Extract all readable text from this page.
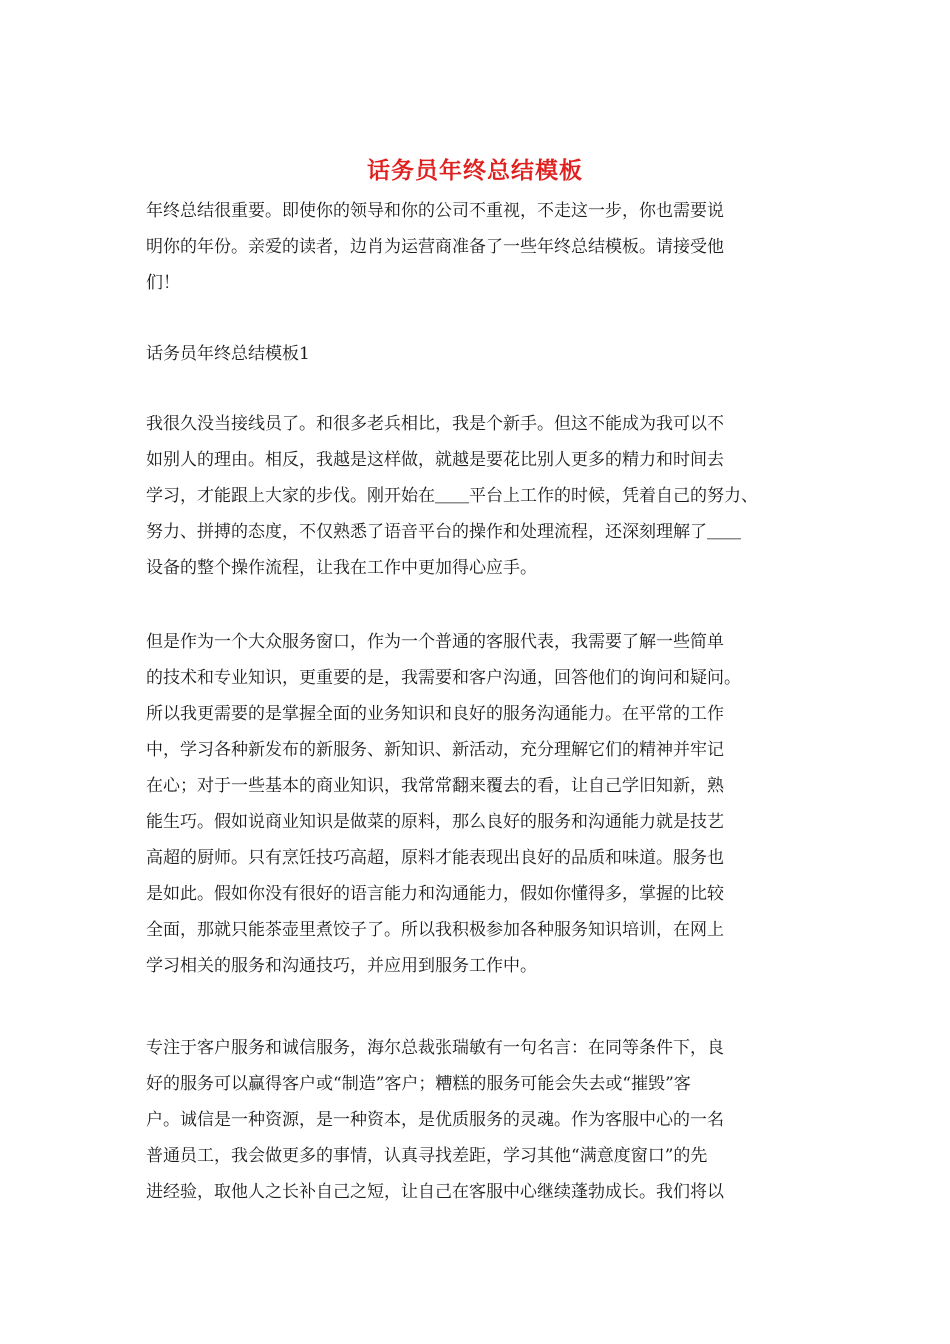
话务员年终总结模板
年终总结很重要。即使你的领导和你的公司不重视，不走这一步，你也需要说
明你的年份。亲爱的读者，边肖为运营商准备了一些年终总结模板。请接受他
们！
话务员年终总结模板1
我很久没当接线员了。和很多老兵相比，我是个新手。但这不能成为我可以不
如别人的理由。相反，我越是这样做，就越是要花比别人更多的精力和时间去
学习，才能跟上大家的步伐。刚开始在＿＿平台上工作的时候，凭着自己的努力、
努力、拼搏的态度，不仅熟悉了语音平台的操作和处理流程，还深刻理解了＿＿
设备的整个操作流程，让我在工作中更加得心应手。
但是作为一个大众服务窗口，作为一个普通的客服代表，我需要了解一些简单
的技术和专业知识，更重要的是，我需要和客户沟通，回答他们的询问和疑问。
所以我更需要的是掌握全面的业务知识和良好的服务沟通能力。在平常的工作
中，学习各种新发布的新服务、新知识、新活动，充分理解它们的精神并牢记
在心；对于一些基本的商业知识，我常常翻来覆去的看，让自己学旧知新，熟
能生巧。假如说商业知识是做菜的原料，那么良好的服务和沟通能力就是技艺
高超的厨师。只有烹饪技巧高超，原料才能表现出良好的品质和味道。服务也
是如此。假如你没有很好的语言能力和沟通能力，假如你懂得多，掌握的比较
全面，那就只能茶壶里煮饺子了。所以我积极参加各种服务知识培训，在网上
学习相关的服务和沟通技巧，并应用到服务工作中。
专注于客户服务和诚信服务，海尔总裁张瑞敏有一句名言：在同等条件下，良
好的服务可以赢得客户或“制造”客户；糟糕的服务可能会失去或“摧毁”客
户。诚信是一种资源，是一种资本，是优质服务的灵魂。作为客服中心的一名
普通员工，我会做更多的事情，认真寻找差距，学习其他“满意度窗口”的先
进经验，取他人之长补自己之短，让自己在客服中心继续蓬勃成长。我们将以
